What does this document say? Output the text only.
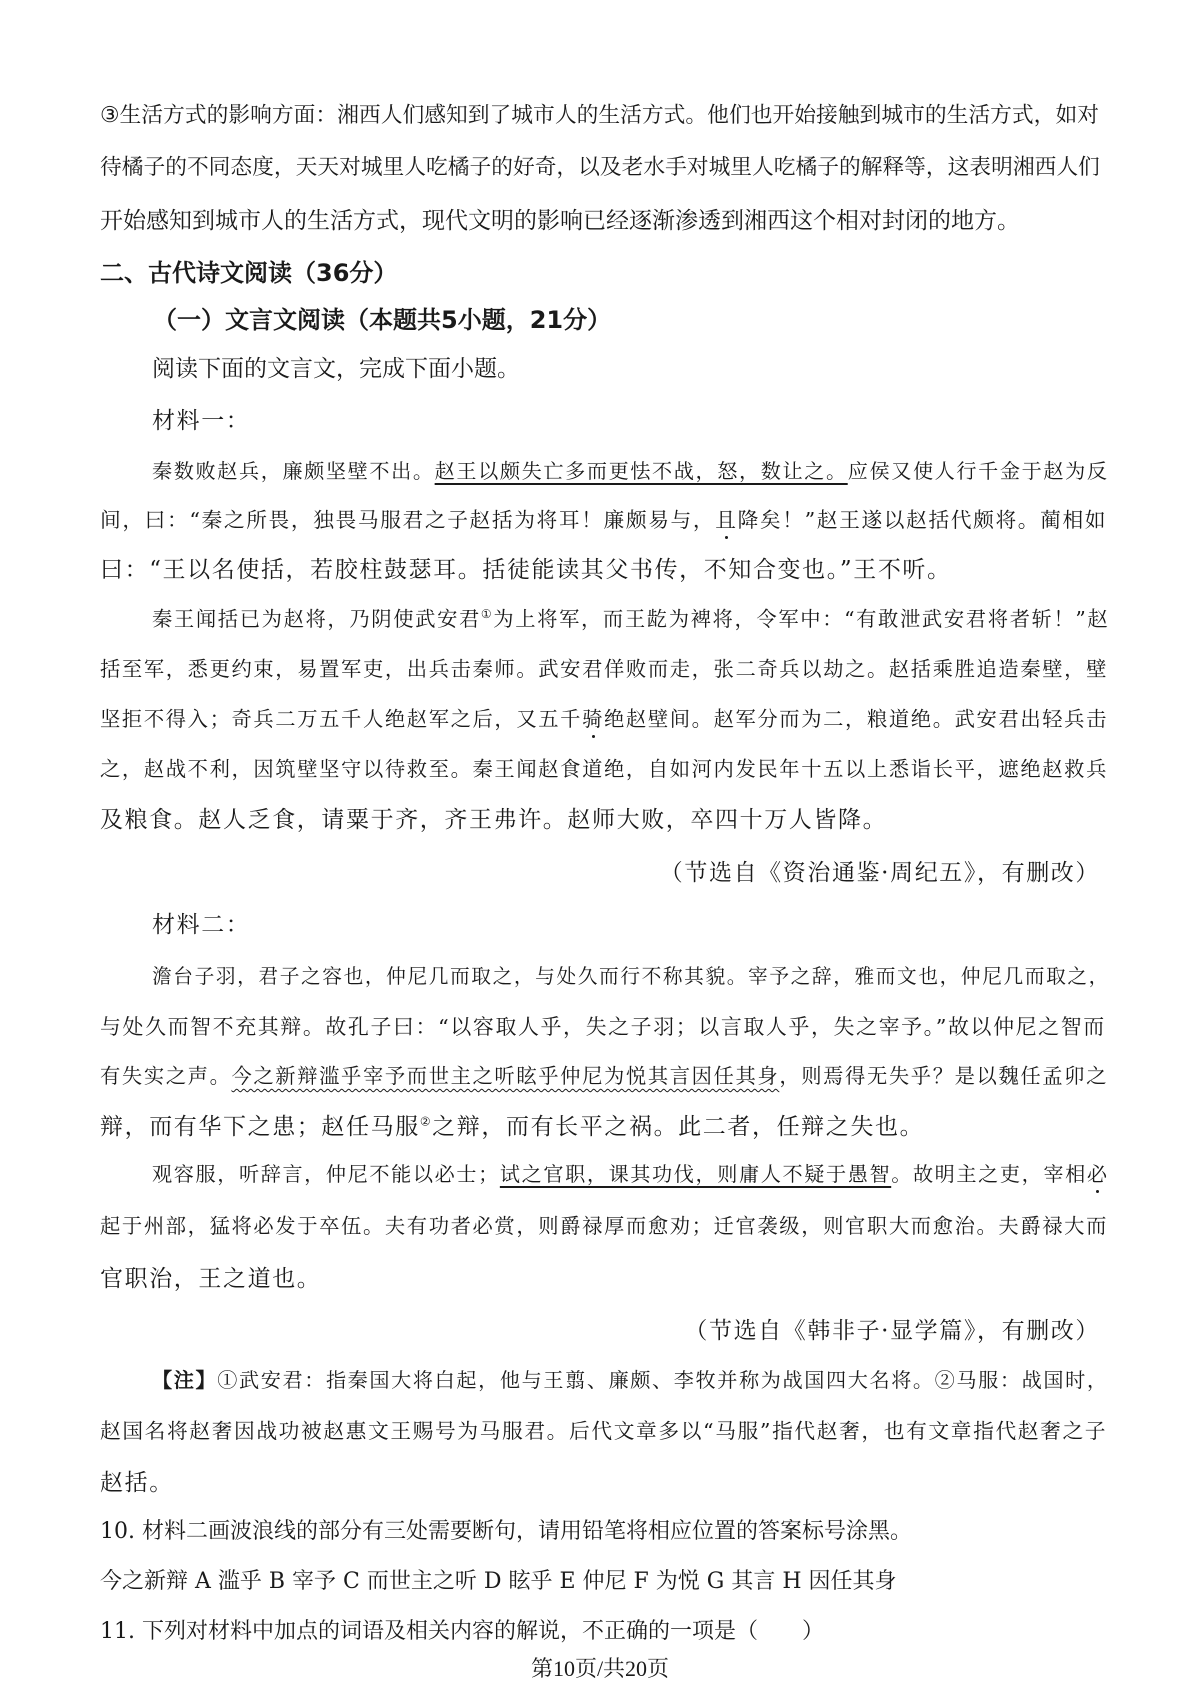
③生活方式的影响方面：湘西人们感知到了城市人的生活方式。他们也开始接触到城市的生活方式，如对
待橘子的不同态度，天天对城里人吃橘子的好奇，以及老水手对城里人吃橘子的解释等，这表明湘西人们
开始感知到城市人的生活方式，现代文明的影响已经逐渐渗透到湘西这个相对封闭的地方。
二、古代诗文阅读（36分）
（一）文言文阅读（本题共5小题，21分）
阅读下面的文言文，完成下面小题。
材料一：
秦数败赵兵，廉颇坚壁不出。赵王以颇失亡多而更怯不战，怒，数让之。应侯又使人行千金于赵为反
间，曰：“秦之所畏，独畏马服君之子赵括为将耳！廉颇易与，且降矣！”赵王遂以赵括代颇将。蔺相如
曰：“王以名使括，若胶柱鼓瑟耳。括徒能读其父书传，不知合变也。”王不听。
秦王闻括已为赵将，乃阴使武安君①为上将军，而王龁为裨将，令军中：“有敢泄武安君将者斩！”赵
括至军，悉更约束，易置军吏，出兵击秦师。武安君佯败而走，张二奇兵以劫之。赵括乘胜追造秦壁，壁
坚拒不得入；奇兵二万五千人绝赵军之后，又五千骑绝赵壁间。赵军分而为二，粮道绝。武安君出轻兵击
之，赵战不利，因筑壁坚守以待救至。秦王闻赵食道绝，自如河内发民年十五以上悉诣长平，遮绝赵救兵
及粮食。赵人乏食，请粟于齐，齐王弗许。赵师大败，卒四十万人皆降。
（节选自《资治通鉴·周纪五》，有删改）
材料二：
澹台子羽，君子之容也，仲尼几而取之，与处久而行不称其貌。宰予之辞，雅而文也，仲尼几而取之，
与处久而智不充其辩。故孔子曰：“以容取人乎，失之子羽；以言取人乎，失之宰予。”故以仲尼之智而
有失实之声。今之新辩滥乎宰予而世主之听眩乎仲尼为悦其言因任其身，则焉得无失乎？是以魏任孟卯之
辩，而有华下之患；赵任马服②之辩，而有长平之祸。此二者，任辩之失也。
观容服，听辞言，仲尼不能以必士；试之官职，课其功伐，则庸人不疑于愚智。故明主之吏，宰相必
起于州部，猛将必发于卒伍。夫有功者必赏，则爵禄厚而愈劝；迁官袭级，则官职大而愈治。夫爵禄大而
官职治，王之道也。
（节选自《韩非子·显学篇》，有删改）
【注】①武安君：指秦国大将白起，他与王翦、廉颇、李牧并称为战国四大名将。②马服：战国时，
赵国名将赵奢因战功被赵惠文王赐号为马服君。后代文章多以“马服”指代赵奢，也有文章指代赵奢之子
赵括。
10. 材料二画波浪线的部分有三处需要断句，请用铅笔将相应位置的答案标号涂黑。
今之新辩 A 滥乎 B 宰予 C 而世主之听 D 眩乎 E 仲尼 F 为悦 G 其言 H 因任其身
11. 下列对材料中加点的词语及相关内容的解说，不正确的一项是（　　）
第10页/共20页
